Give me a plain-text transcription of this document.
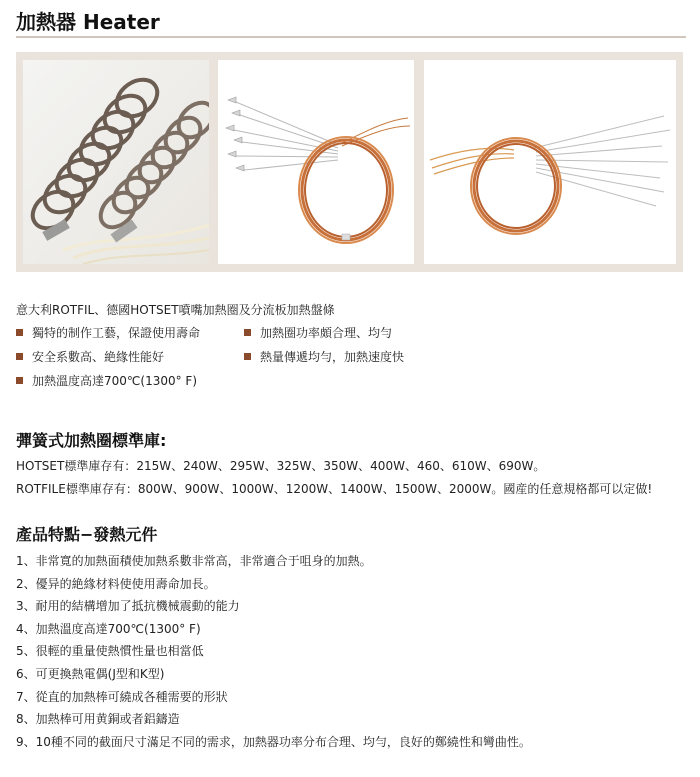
加熱器 Heater
意大利ROTFIL、德國HOTSET噴嘴加熱圈及分流板加熱盤條
獨特的制作工藝，保證使用壽命	加熱圈功率頗合理、均勻
安全系數高、絶緣性能好	熱量傳遞均勻，加熱速度快
加熱溫度高達700℃(1300° F)
彈簧式加熱圈標準庫:
HOTSET標準庫存有：215W、240W、295W、325W、350W、400W、460、610W、690W。
ROTFILE標準庫存有：800W、900W、1000W、1200W、1400W、1500W、2000W。國産的任意規格都可以定做!
產品特點−發熱元件
1、非常寬的加熱面積使加熱系數非常高，非常適合于咀身的加熱。
2、優异的絶緣材料使使用壽命加長。
3、耐用的結構增加了抵抗機械震動的能力
4、加熱溫度高達700℃(1300° F)
5、很輕的重量使熱慣性量也相當低
6、可更換熱電偶(J型和K型)
7、從直的加熱棒可繞成各種需要的形狀
8、加熱棒可用黄銅或者鋁鑄造
9、10種不同的截面尺寸滿足不同的需求，加熱器功率分布合理、均勻，良好的鄭繞性和彎曲性。
